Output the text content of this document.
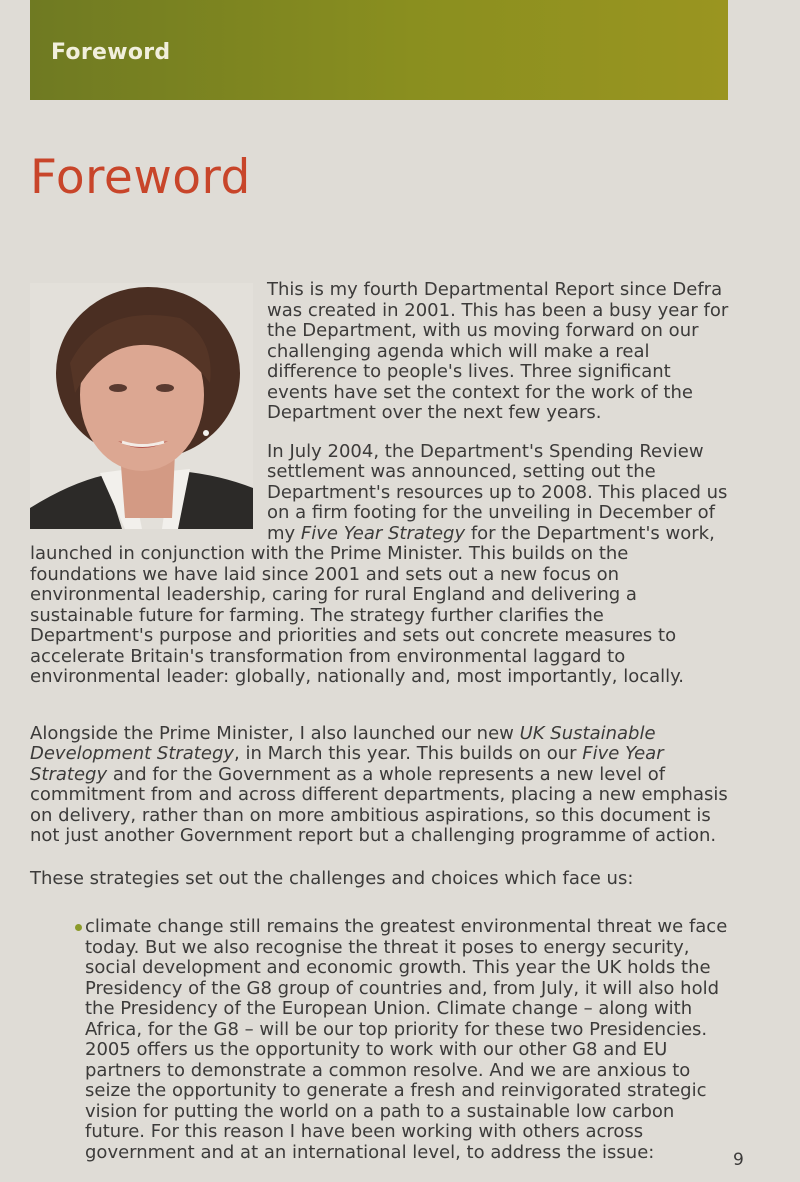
Foreword
Foreword

This is my fourth Departmental Report since Defra was created in 2001. This has been a busy year for the Department, with us moving forward on our challenging agenda which will make a real difference to people's lives. Three significant events have set the context for the work of the Department over the next few years.

In July 2004, the Department's Spending Review settlement was announced, setting out the Department's resources up to 2008. This placed us on a firm footing for the unveiling in December of my Five Year Strategy for the Department's work, launched in conjunction with the Prime Minister. This builds on the foundations we have laid since 2001 and sets out a new focus on environmental leadership, caring for rural England and delivering a sustainable future for farming. The strategy further clarifies the Department's purpose and priorities and sets out concrete measures to accelerate Britain's transformation from environmental laggard to environmental leader: globally, nationally and, most importantly, locally.

Alongside the Prime Minister, I also launched our new UK Sustainable Development Strategy, in March this year. This builds on our Five Year Strategy and for the Government as a whole represents a new level of commitment from and across different departments, placing a new emphasis on delivery, rather than on more ambitious aspirations, so this document is not just another Government report but a challenging programme of action.

These strategies set out the challenges and choices which face us:

climate change still remains the greatest environmental threat we face today. But we also recognise the threat it poses to energy security, social development and economic growth. This year the UK holds the Presidency of the G8 group of countries and, from July, it will also hold the Presidency of the European Union. Climate change – along with Africa, for the G8 – will be our top priority for these two Presidencies. 2005 offers us the opportunity to work with our other G8 and EU partners to demonstrate a common resolve. And we are anxious to seize the opportunity to generate a fresh and reinvigorated strategic vision for putting the world on a path to a sustainable low carbon future. For this reason I have been working with others across government and at an international level, to address the issue:	9
